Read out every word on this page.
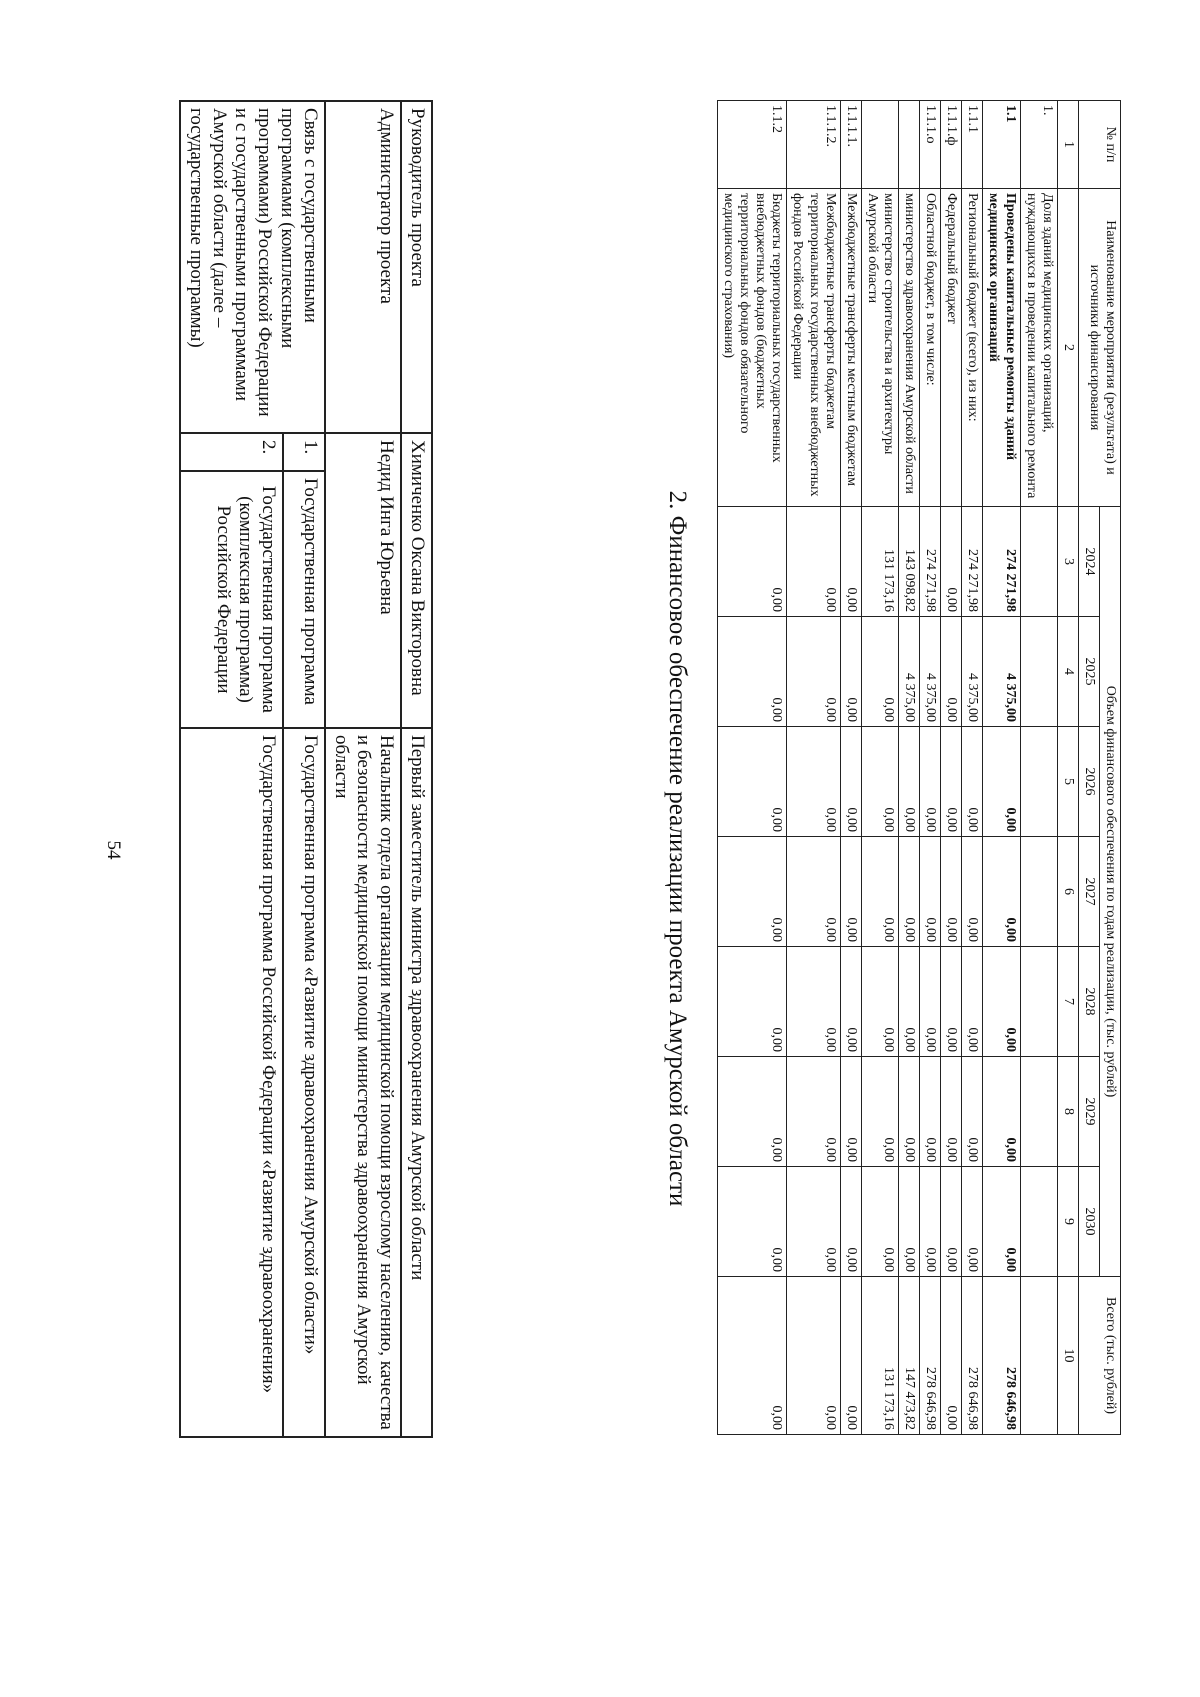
54
Руководитель проекта	Химиченко Оксана Викторовна		Первый заместитель министра здравоохранения Амурской области
Администратор проекта	Недид Инга Юрьевна		Начальник отдела организации медицинской помощи взрослому населению, качества и безопасности медицинской помощи министерства здравоохранения Амурской области
Связь с государственными программами (комплексными программами) Российской Федерации и с государственными программами Амурской области (далее – государственные программы)	1.	Государственная программа	Государственная программа «Развитие здравоохранения Амурской области»
	2.	Государственная программа (комплексная программа) Российской Федерации	Государственная программа Российской Федерации «Развитие здравоохранения»	2. Финансовое обеспечение реализации проекта Амурской области
№ п/п	Наименование мероприятия (результата) и источники финансирования	Объем финансового обеспечения по годам реализации, (тыс. рублей)							Всего (тыс. рублей)
		2024	2025	2026	2027	2028	2029	2030	
1	2	3	4	5	6	7	8	9	10
1.	Доля зданий медицинских организаций, нуждающихся в проведении капитального ремонта								
1.1	Проведены капитальные ремонты зданий медицинских организаций	274 271,98	4 375,00	0,00	0,00	0,00	0,00	0,00	278 646,98
1.1.1	Региональный бюджет (всего), из них:	274 271,98	4 375,00	0,00	0,00	0,00	0,00	0,00	278 646,98
1.1.1.ф	Федеральный бюджет	0,00	0,00	0,00	0,00	0,00	0,00	0,00	0,00
1.1.1.о	Областной бюджет, в том числе:	274 271,98	4 375,00	0,00	0,00	0,00	0,00	0,00	278 646,98
	министерство здравоохранения Амурской области	143 098,82	4 375,00	0,00	0,00	0,00	0,00	0,00	147 473,82
	министерство строительства и архитектуры Амурской области	131 173,16	0,00	0,00	0,00	0,00	0,00	0,00	131 173,16
1.1.1.1.	Межбюджетные трансферты местным бюджетам	0,00	0,00	0,00	0,00	0,00	0,00	0,00	0,00
1.1.1.2.	Межбюджетные трансферты бюджетам территориальных государственных внебюджетных фондов Российской Федерации	0,00	0,00	0,00	0,00	0,00	0,00	0,00	0,00
1.1.2	Бюджеты территориальных государственных внебюджетных фондов (бюджетных территориальных фондов обязательного медицинского страхования)	0,00	0,00	0,00	0,00	0,00	0,00	0,00	0,00
